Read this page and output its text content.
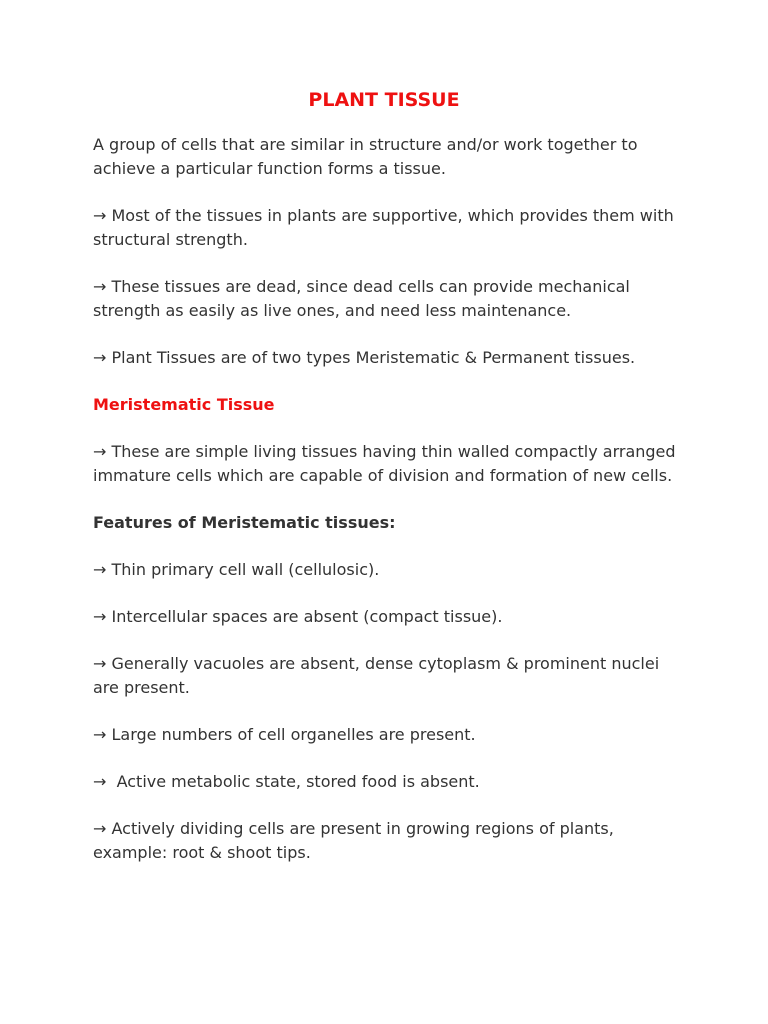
PLANT TISSUE
A group of cells that are similar in structure and/or work together to achieve a particular function forms a tissue.
→ Most of the tissues in plants are supportive, which provides them with structural strength.
→ These tissues are dead, since dead cells can provide mechanical strength as easily as live ones, and need less maintenance.
→ Plant Tissues are of two types Meristematic & Permanent tissues.
Meristematic Tissue
→ These are simple living tissues having thin walled compactly arranged immature cells which are capable of division and formation of new cells.
Features of Meristematic tissues:
→ Thin primary cell wall (cellulosic).
→ Intercellular spaces are absent (compact tissue).
→ Generally vacuoles are absent, dense cytoplasm & prominent nuclei are present.
→ Large numbers of cell organelles are present.
→  Active metabolic state, stored food is absent.
→ Actively dividing cells are present in growing regions of plants, example: root & shoot tips.
